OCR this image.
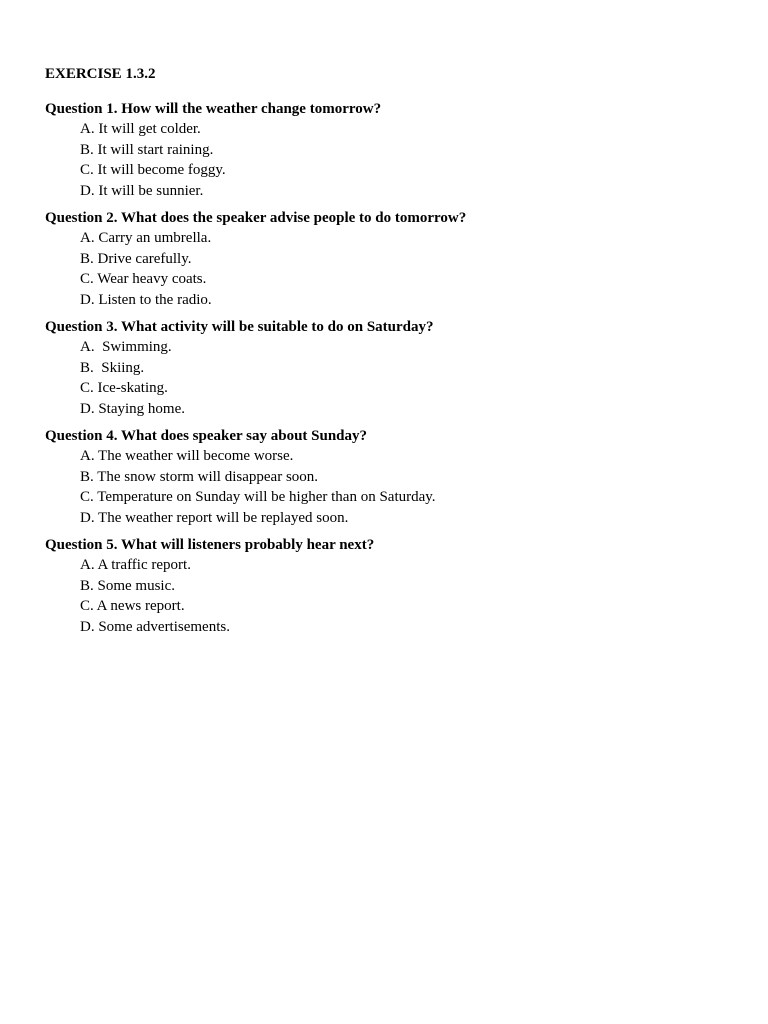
EXERCISE 1.3.2

Question 1. How will the weather change tomorrow?

A. It will get colder.
B. It will start raining.
C. It will become foggy.
D. It will be sunnier.

Question 2. What does the speaker advise people to do tomorrow?

A. Carry an umbrella.
B. Drive carefully.
C. Wear heavy coats.
D. Listen to the radio.

Question 3. What activity will be suitable to do on Saturday?

A.  Swimming.
B.  Skiing.
C. Ice-skating.
D. Staying home.

Question 4. What does speaker say about Sunday?

A. The weather will become worse.
B. The snow storm will disappear soon.
C. Temperature on Sunday will be higher than on Saturday.
D. The weather report will be replayed soon.

Question 5. What will listeners probably hear next?

A. A traffic report.
B. Some music.
C. A news report.
D. Some advertisements.
